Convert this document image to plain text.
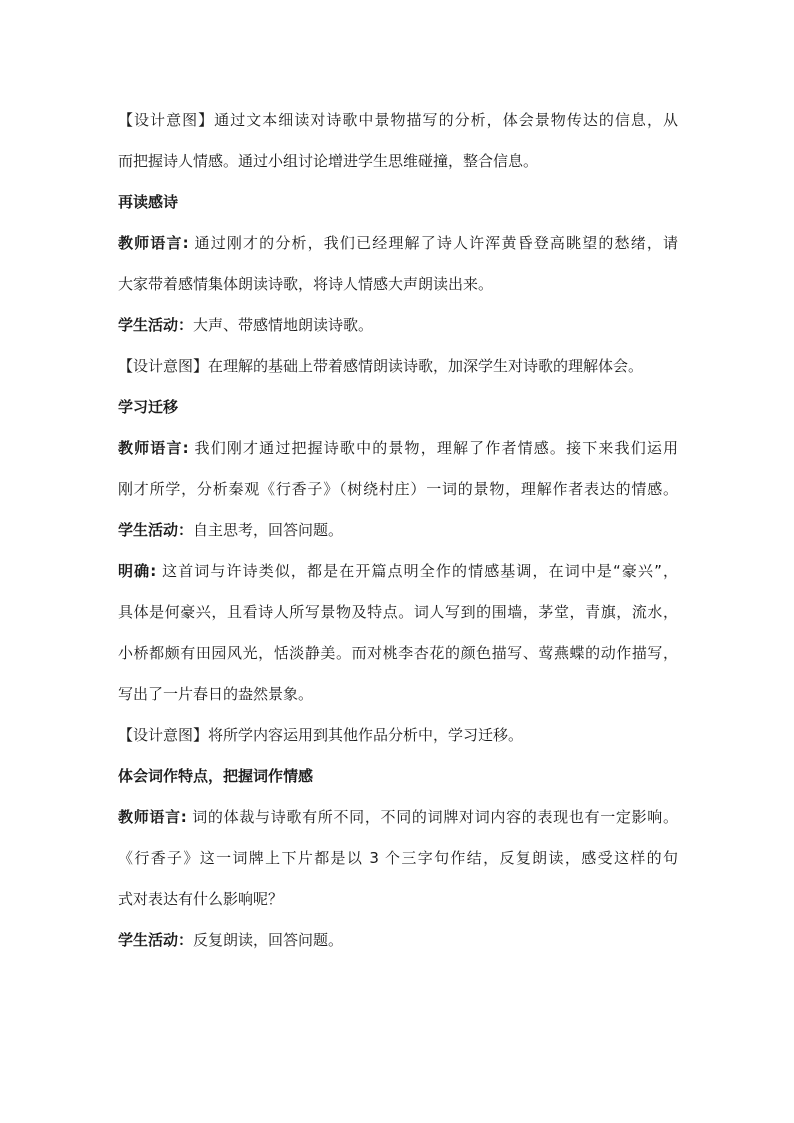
【设计意图】通过文本细读对诗歌中景物描写的分析，体会景物传达的信息，从
而把握诗人情感。通过小组讨论增进学生思维碰撞，整合信息。
再读感诗
教师语言: 通过刚才的分析，我们已经理解了诗人许浑黄昏登高眺望的愁绪，请
大家带着感情集体朗读诗歌，将诗人情感大声朗读出来。
学生活动：大声、带感情地朗读诗歌。
【设计意图】在理解的基础上带着感情朗读诗歌，加深学生对诗歌的理解体会。
学习迁移
教师语言: 我们刚才通过把握诗歌中的景物，理解了作者情感。接下来我们运用
刚才所学，分析秦观《行香子》（树绕村庄）一词的景物，理解作者表达的情感。
学生活动：自主思考，回答问题。
明确: 这首词与许诗类似，都是在开篇点明全作的情感基调，在词中是“豪兴”，
具体是何豪兴，且看诗人所写景物及特点。词人写到的围墙，茅堂，青旗，流水，
小桥都颇有田园风光，恬淡静美。而对桃李杏花的颜色描写、莺燕蝶的动作描写，
写出了一片春日的盎然景象。
【设计意图】将所学内容运用到其他作品分析中，学习迁移。
体会词作特点，把握词作情感
教师语言: 词的体裁与诗歌有所不同，不同的词牌对词内容的表现也有一定影响。
《行香子》这一词牌上下片都是以 3 个三字句作结，反复朗读，感受这样的句
式对表达有什么影响呢？
学生活动：反复朗读，回答问题。
